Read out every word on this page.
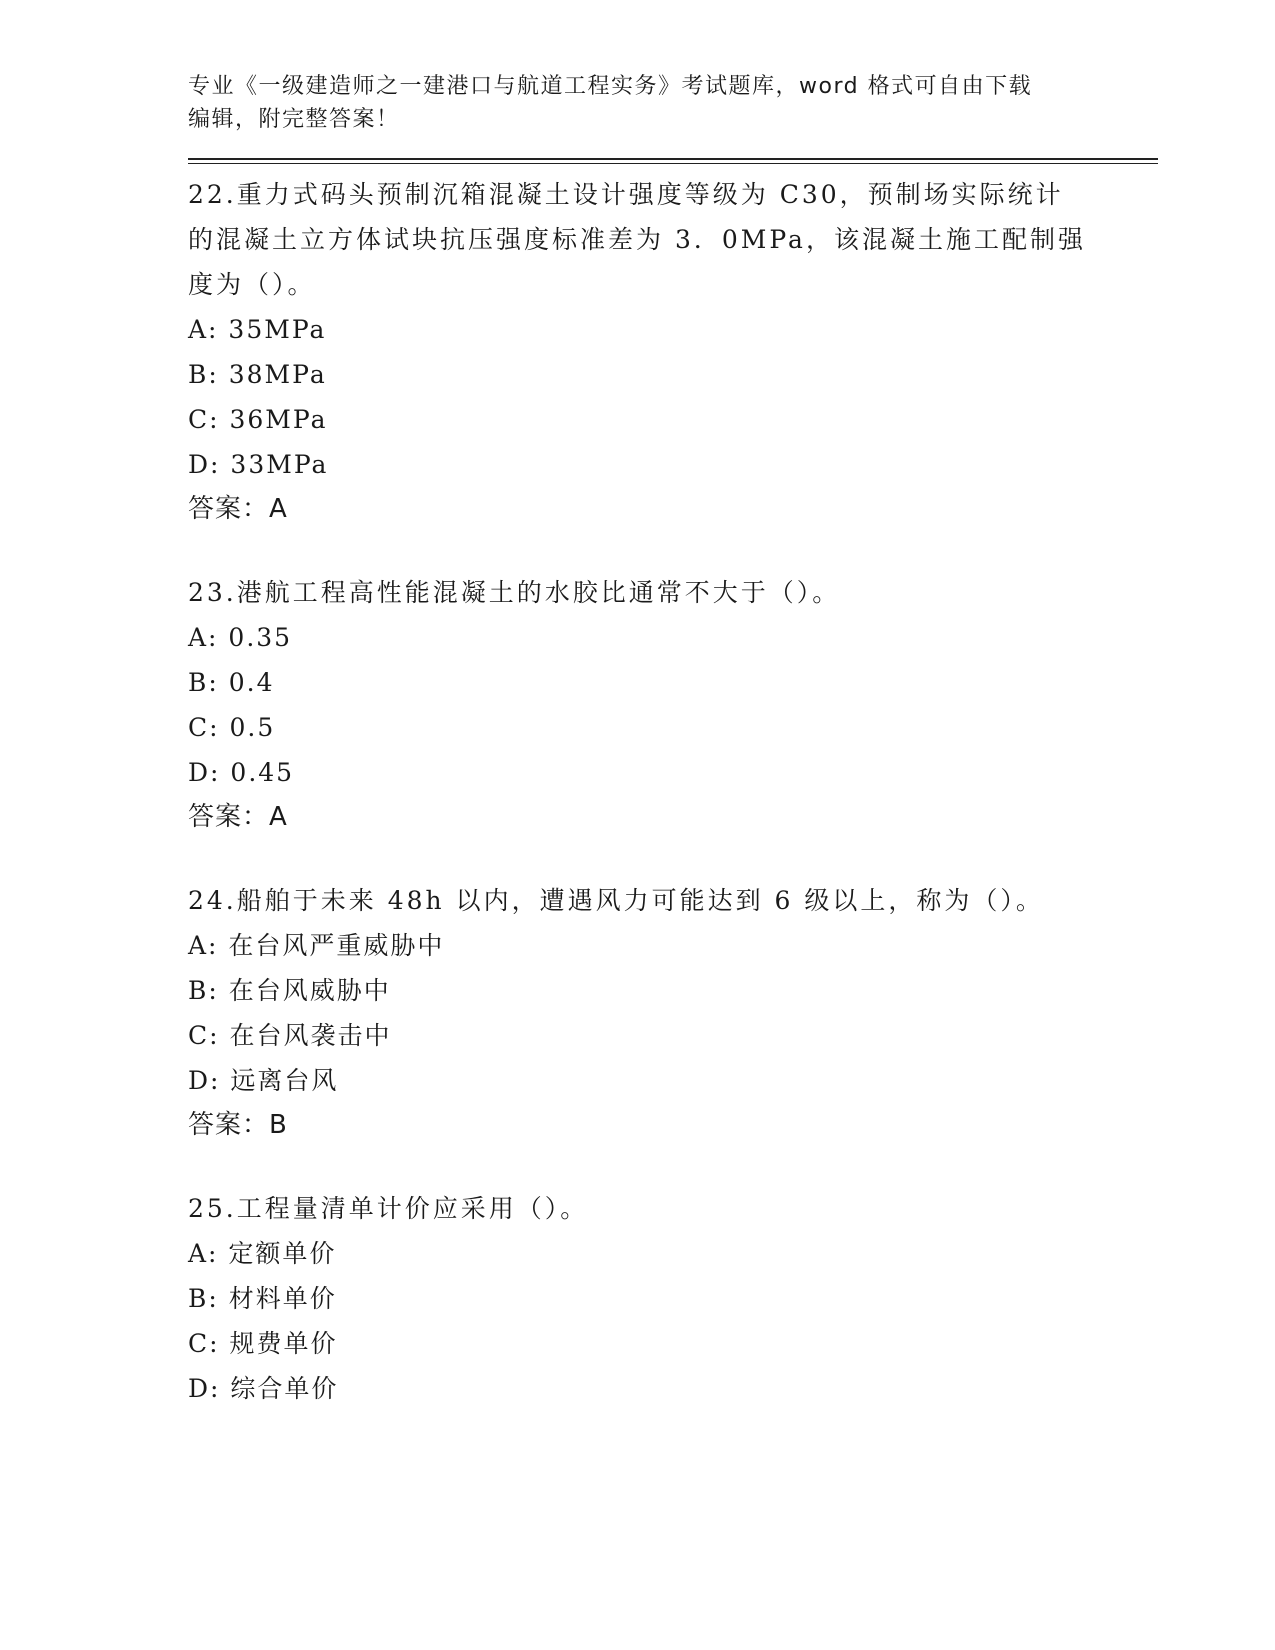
专业《一级建造师之一建港口与航道工程实务》考试题库，word 格式可自由下载
编辑，附完整答案！

22.重力式码头预制沉箱混凝土设计强度等级为 C30，预制场实际统计的混凝土立方体试块抗压强度标准差为 3．0MPa，该混凝土施工配制强度为（）。

A: 35MPa

B: 38MPa

C: 36MPa

D: 33MPa

答案：A

23.港航工程高性能混凝土的水胶比通常不大于（）。

A: 0.35

B: 0.4

C: 0.5

D: 0.45

答案：A

24.船舶于未来 48h 以内，遭遇风力可能达到 6 级以上，称为（）。

A: 在台风严重威胁中

B: 在台风威胁中

C: 在台风袭击中

D: 远离台风

答案：B

25.工程量清单计价应采用（）。

A: 定额单价

B: 材料单价

C: 规费单价

D: 综合单价
